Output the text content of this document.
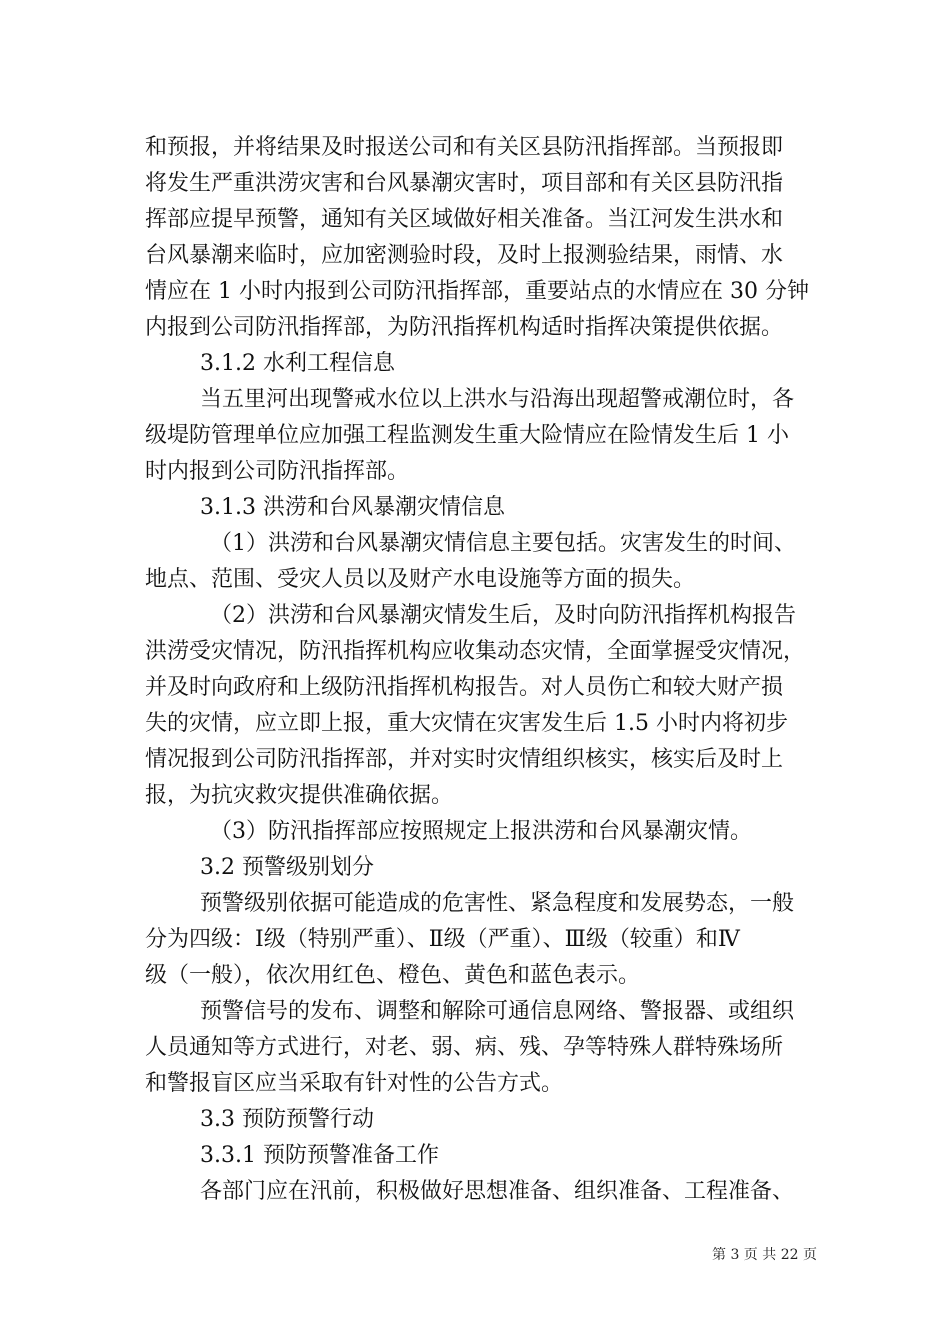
和预报，并将结果及时报送公司和有关区县防汛指挥部。当预报即
将发生严重洪涝灾害和台风暴潮灾害时，项目部和有关区县防汛指
挥部应提早预警，通知有关区域做好相关准备。当江河发生洪水和
台风暴潮来临时，应加密测验时段，及时上报测验结果，雨情、水
情应在 1 小时内报到公司防汛指挥部，重要站点的水情应在 30 分钟
内报到公司防汛指挥部，为防汛指挥机构适时指挥决策提供依据。
3.1.2 水利工程信息
当五里河出现警戒水位以上洪水与沿海出现超警戒潮位时，各
级堤防管理单位应加强工程监测发生重大险情应在险情发生后 1 小
时内报到公司防汛指挥部。
3.1.3 洪涝和台风暴潮灾情信息
（1）洪涝和台风暴潮灾情信息主要包括。灾害发生的时间、
地点、范围、受灾人员以及财产水电设施等方面的损失。
（2）洪涝和台风暴潮灾情发生后，及时向防汛指挥机构报告
洪涝受灾情况，防汛指挥机构应收集动态灾情，全面掌握受灾情况，
并及时向政府和上级防汛指挥机构报告。对人员伤亡和较大财产损
失的灾情，应立即上报，重大灾情在灾害发生后 1.5 小时内将初步
情况报到公司防汛指挥部，并对实时灾情组织核实，核实后及时上
报，为抗灾救灾提供准确依据。
（3）防汛指挥部应按照规定上报洪涝和台风暴潮灾情。
3.2 预警级别划分
预警级别依据可能造成的危害性、紧急程度和发展势态，一般
分为四级：Ⅰ级（特别严重）、Ⅱ级（严重）、Ⅲ级（较重）和Ⅳ
级（一般），依次用红色、橙色、黄色和蓝色表示。
预警信号的发布、调整和解除可通信息网络、警报器、或组织
人员通知等方式进行，对老、弱、病、残、孕等特殊人群特殊场所
和警报盲区应当采取有针对性的公告方式。
3.3 预防预警行动
3.3.1 预防预警准备工作
各部门应在汛前，积极做好思想准备、组织准备、工程准备、
第 3 页 共 22 页
